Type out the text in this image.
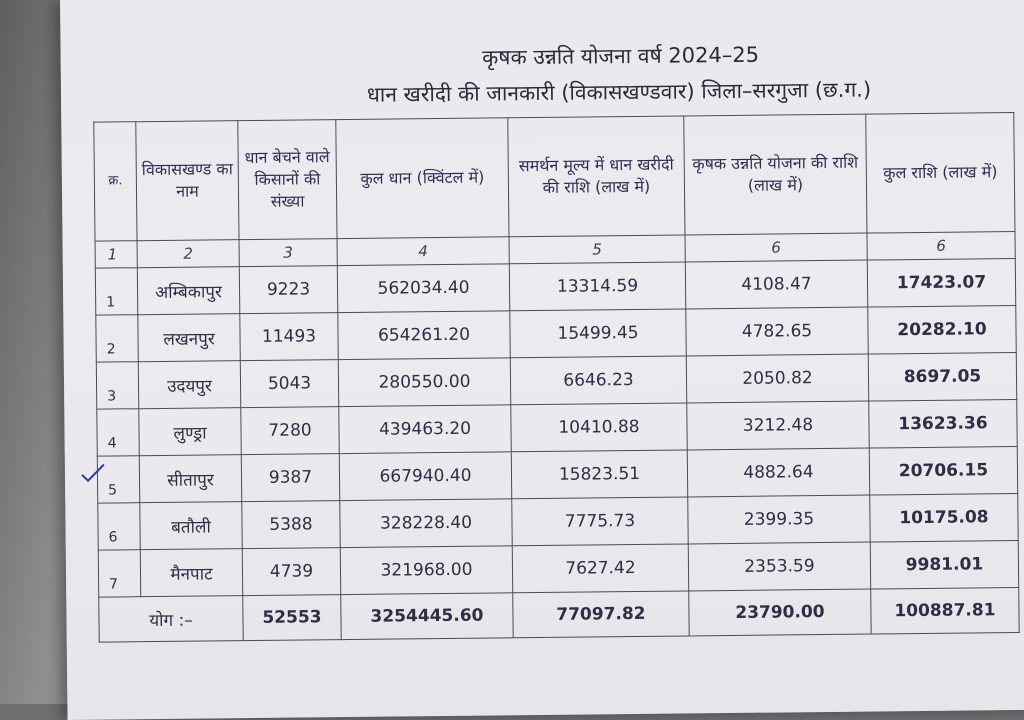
कृषक उन्नति योजना वर्ष 2024–25
धान खरीदी की जानकारी (विकासखण्डवार) जिला–सरगुजा (छ.ग.)
क्र.	विकासखण्ड का नाम	धान बेचने वाले किसानों की संख्या	कुल धान (क्विंटल में)	समर्थन मूल्य में धान खरीदी की राशि (लाख में)	कृषक उन्नति योजना की राशि (लाख में)	कुल राशि (लाख में)
1	2	3	4	5	6	6
1	अम्बिकापुर	9223	562034.40	13314.59	4108.47	17423.07
2	लखनपुर	11493	654261.20	15499.45	4782.65	20282.10
3	उदयपुर	5043	280550.00	6646.23	2050.82	8697.05
4	लुण्ड्रा	7280	439463.20	10410.88	3212.48	13623.36

5	सीतापुर	9387	667940.40	15823.51	4882.64	20706.15
6	बतौली	5388	328228.40	7775.73	2399.35	10175.08
7	मैनपाट	4739	321968.00	7627.42	2353.59	9981.01
योग :–		52553	3254445.60	77097.82	23790.00	100887.81
